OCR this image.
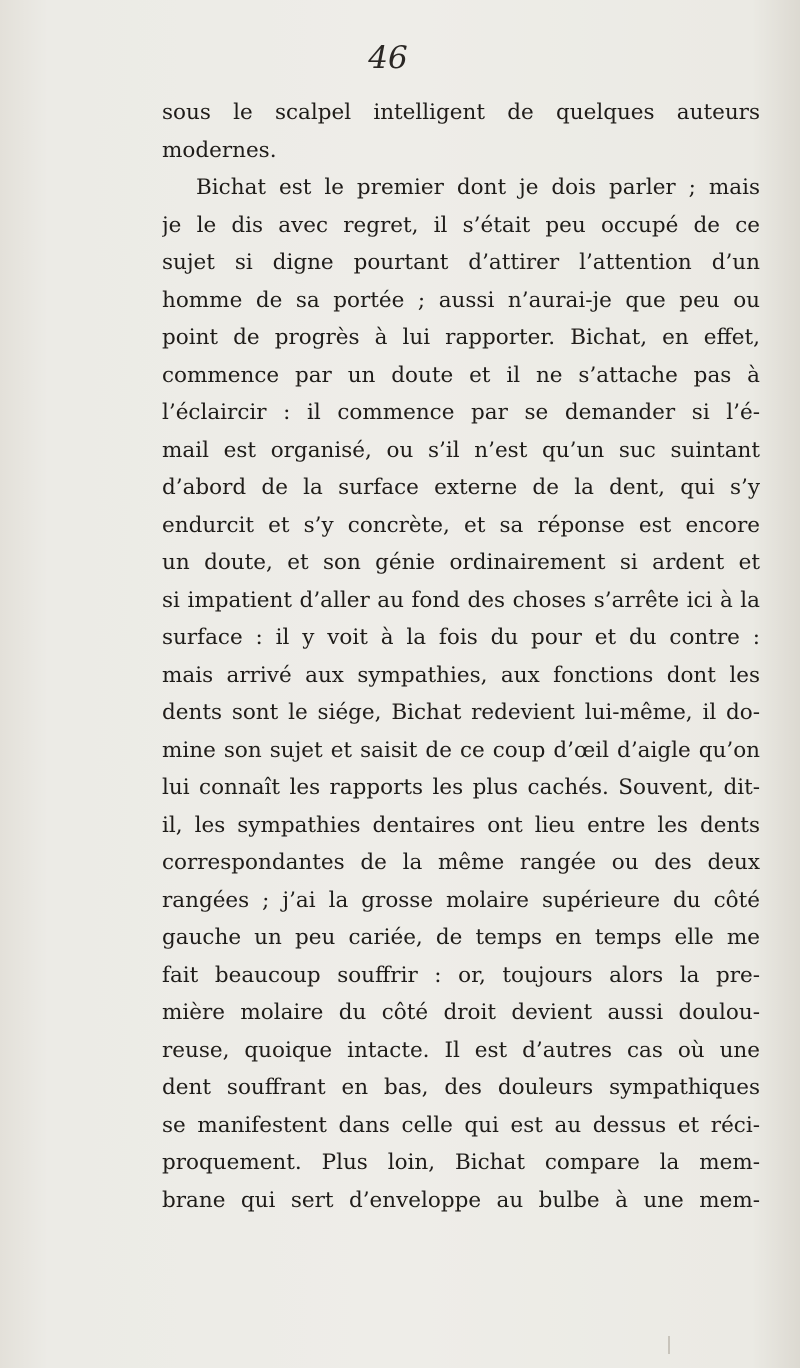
46
sous le scalpel intelligent de quelques auteurs
modernes.
Bichat est le premier dont je dois parler ; mais
je le dis avec regret, il s’était peu occupé de ce
sujet si digne pourtant d’attirer l’attention d’un
homme de sa portée ; aussi n’aurai-je que peu ou
point de progrès à lui rapporter. Bichat, en effet,
commence par un doute et il ne s’attache pas à
l’éclaircir : il commence par se demander si l’é-
mail est organisé, ou s’il n’est qu’un suc suintant
d’abord de la surface externe de la dent, qui s’y
endurcit et s’y concrète, et sa réponse est encore
un doute, et son génie ordinairement si ardent et
si impatient d’aller au fond des choses s’arrête ici à la
surface : il y voit à la fois du pour et du contre :
mais arrivé aux sympathies, aux fonctions dont les
dents sont le siége, Bichat redevient lui-même, il do-
mine son sujet et saisit de ce coup d’œil d’aigle qu’on
lui connaît les rapports les plus cachés. Souvent, dit-
il, les sympathies dentaires ont lieu entre les dents
correspondantes de la même rangée ou des deux
rangées ; j’ai la grosse molaire supérieure du côté
gauche un peu cariée, de temps en temps elle me
fait beaucoup souffrir : or, toujours alors la pre-
mière molaire du côté droit devient aussi doulou-
reuse, quoique intacte. Il est d’autres cas où une
dent souffrant en bas, des douleurs sympathiques
se manifestent dans celle qui est au dessus et réci-
proquement. Plus loin, Bichat compare la mem-
brane qui sert d’enveloppe au bulbe à une mem-
